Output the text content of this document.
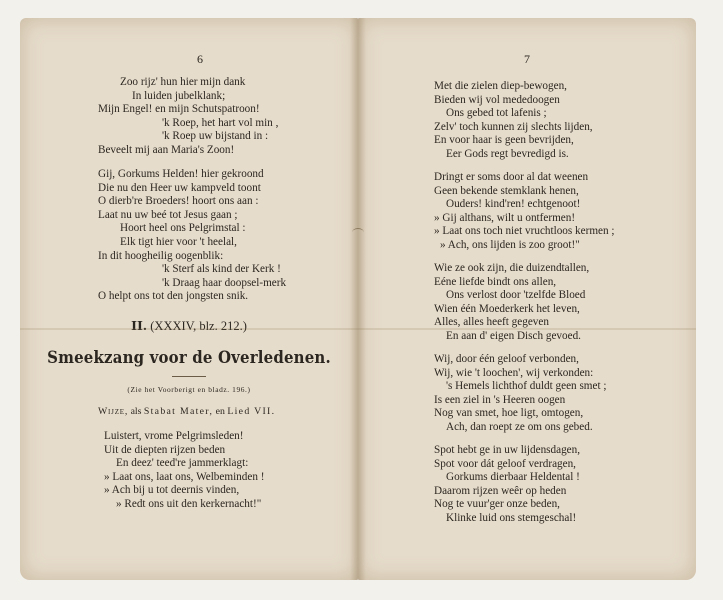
6
Zoo rijz' hun hier mijn dank
In luiden jubelklank;
Mijn Engel! en mijn Schutspatroon!
'k Roep, het hart vol min ,
'k Roep uw bijstand in :
Beveelt mij aan Maria's Zoon!
Gij, Gorkums Helden! hier gekroond
Die nu den Heer uw kampveld toont
O dierb're Broeders! hoort ons aan :
Laat nu uw beé tot Jesus gaan ;
Hoort heel ons Pelgrimstal :
Elk tigt hier voor 't heelal,
In dit hoogheilig oogenblik:
'k Sterf als kind der Kerk !
'k Draag haar doopsel-merk
O helpt ons tot den jongsten snik.
II. (XXXIV, blz. 212.)
Smeekzang voor de Overledenen.
(Zie het Voorberigt en bladz. 196.)
Wijze, als Stabat Mater, en Lied VII.
Luistert, vrome Pelgrimsleden!
Uit de diepten rijzen beden
En deez' teed're jammerklagt:
» Laat ons, laat ons, Welbeminden !
» Ach bij u tot deernis vinden,
» Redt ons uit den kerkernacht!"
7
Met die zielen diep-bewogen,
Bieden wij vol mededoogen
Ons gebed tot lafenis ;
Zelv' toch kunnen zij slechts lijden,
En voor haar is geen bevrijden,
Eer Gods regt bevredigd is.
Dringt er soms door al dat weenen
Geen bekende stemklank henen,
Ouders! kind'ren! echtgenoot!
» Gij althans, wilt u ontfermen!
» Laat ons toch niet vruchtloos kermen ;
» Ach, ons lijden is zoo groot!"
Wie ze ook zijn, die duizendtallen,
Eéne liefde bindt ons allen,
Ons verlost door 'tzelfde Bloed
Wien één Moederkerk het leven,
Alles, alles heeft gegeven
En aan d' eigen Disch gevoed.
Wij, door één geloof verbonden,
Wij, wie 't loochen', wij verkonden:
's Hemels lichthof duldt geen smet ;
Is een ziel in 's Heeren oogen
Nog van smet, hoe ligt, omtogen,
Ach, dan roept ze om ons gebed.
Spot hebt ge in uw lijdensdagen,
Spot voor dát geloof verdragen,
Gorkums dierbaar Heldental !
Daarom rijzen weêr op heden
Nog te vuur'ger onze beden,
Klinke luid ons stemgeschal!
